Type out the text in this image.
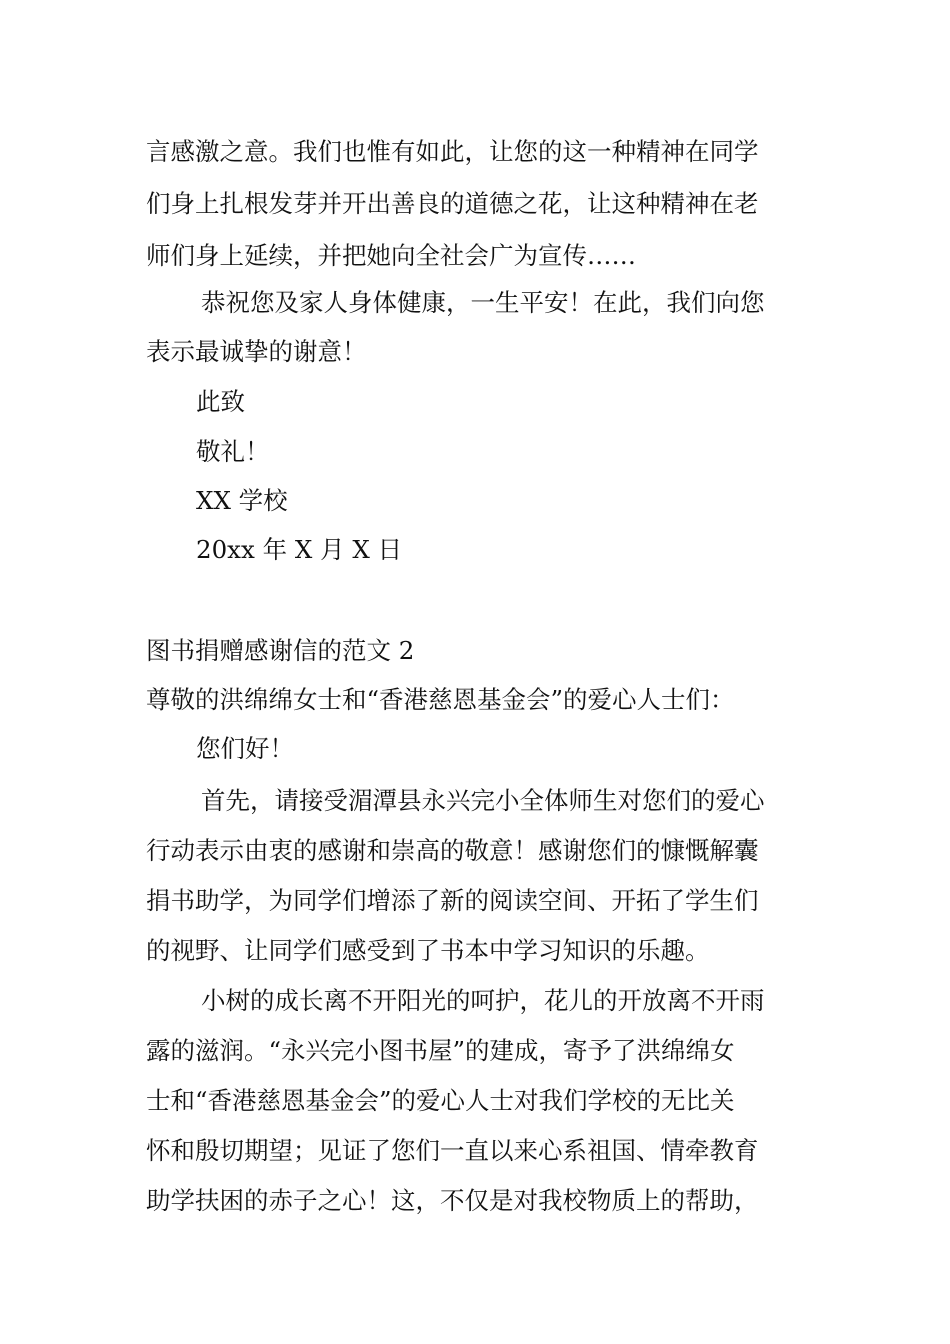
言感激之意。我们也惟有如此，让您的这一种精神在同学
们身上扎根发芽并开出善良的道德之花，让这种精神在老
师们身上延续，并把她向全社会广为宣传……
恭祝您及家人身体健康，一生平安！在此，我们向您
表示最诚挚的谢意！
此致
敬礼！
XX 学校
20xx 年 X 月 X 日
图书捐赠感谢信的范文 2
尊敬的洪绵绵女士和“香港慈恩基金会”的爱心人士们：
您们好！
首先，请接受湄潭县永兴完小全体师生对您们的爱心
行动表示由衷的感谢和崇高的敬意！感谢您们的慷慨解囊
捐书助学，为同学们增添了新的阅读空间、开拓了学生们
的视野、让同学们感受到了书本中学习知识的乐趣。
小树的成长离不开阳光的呵护，花儿的开放离不开雨
露的滋润。“永兴完小图书屋”的建成，寄予了洪绵绵女
士和“香港慈恩基金会”的爱心人士对我们学校的无比关
怀和殷切期望；见证了您们一直以来心系祖国、情牵教育
助学扶困的赤子之心！这，不仅是对我校物质上的帮助，
